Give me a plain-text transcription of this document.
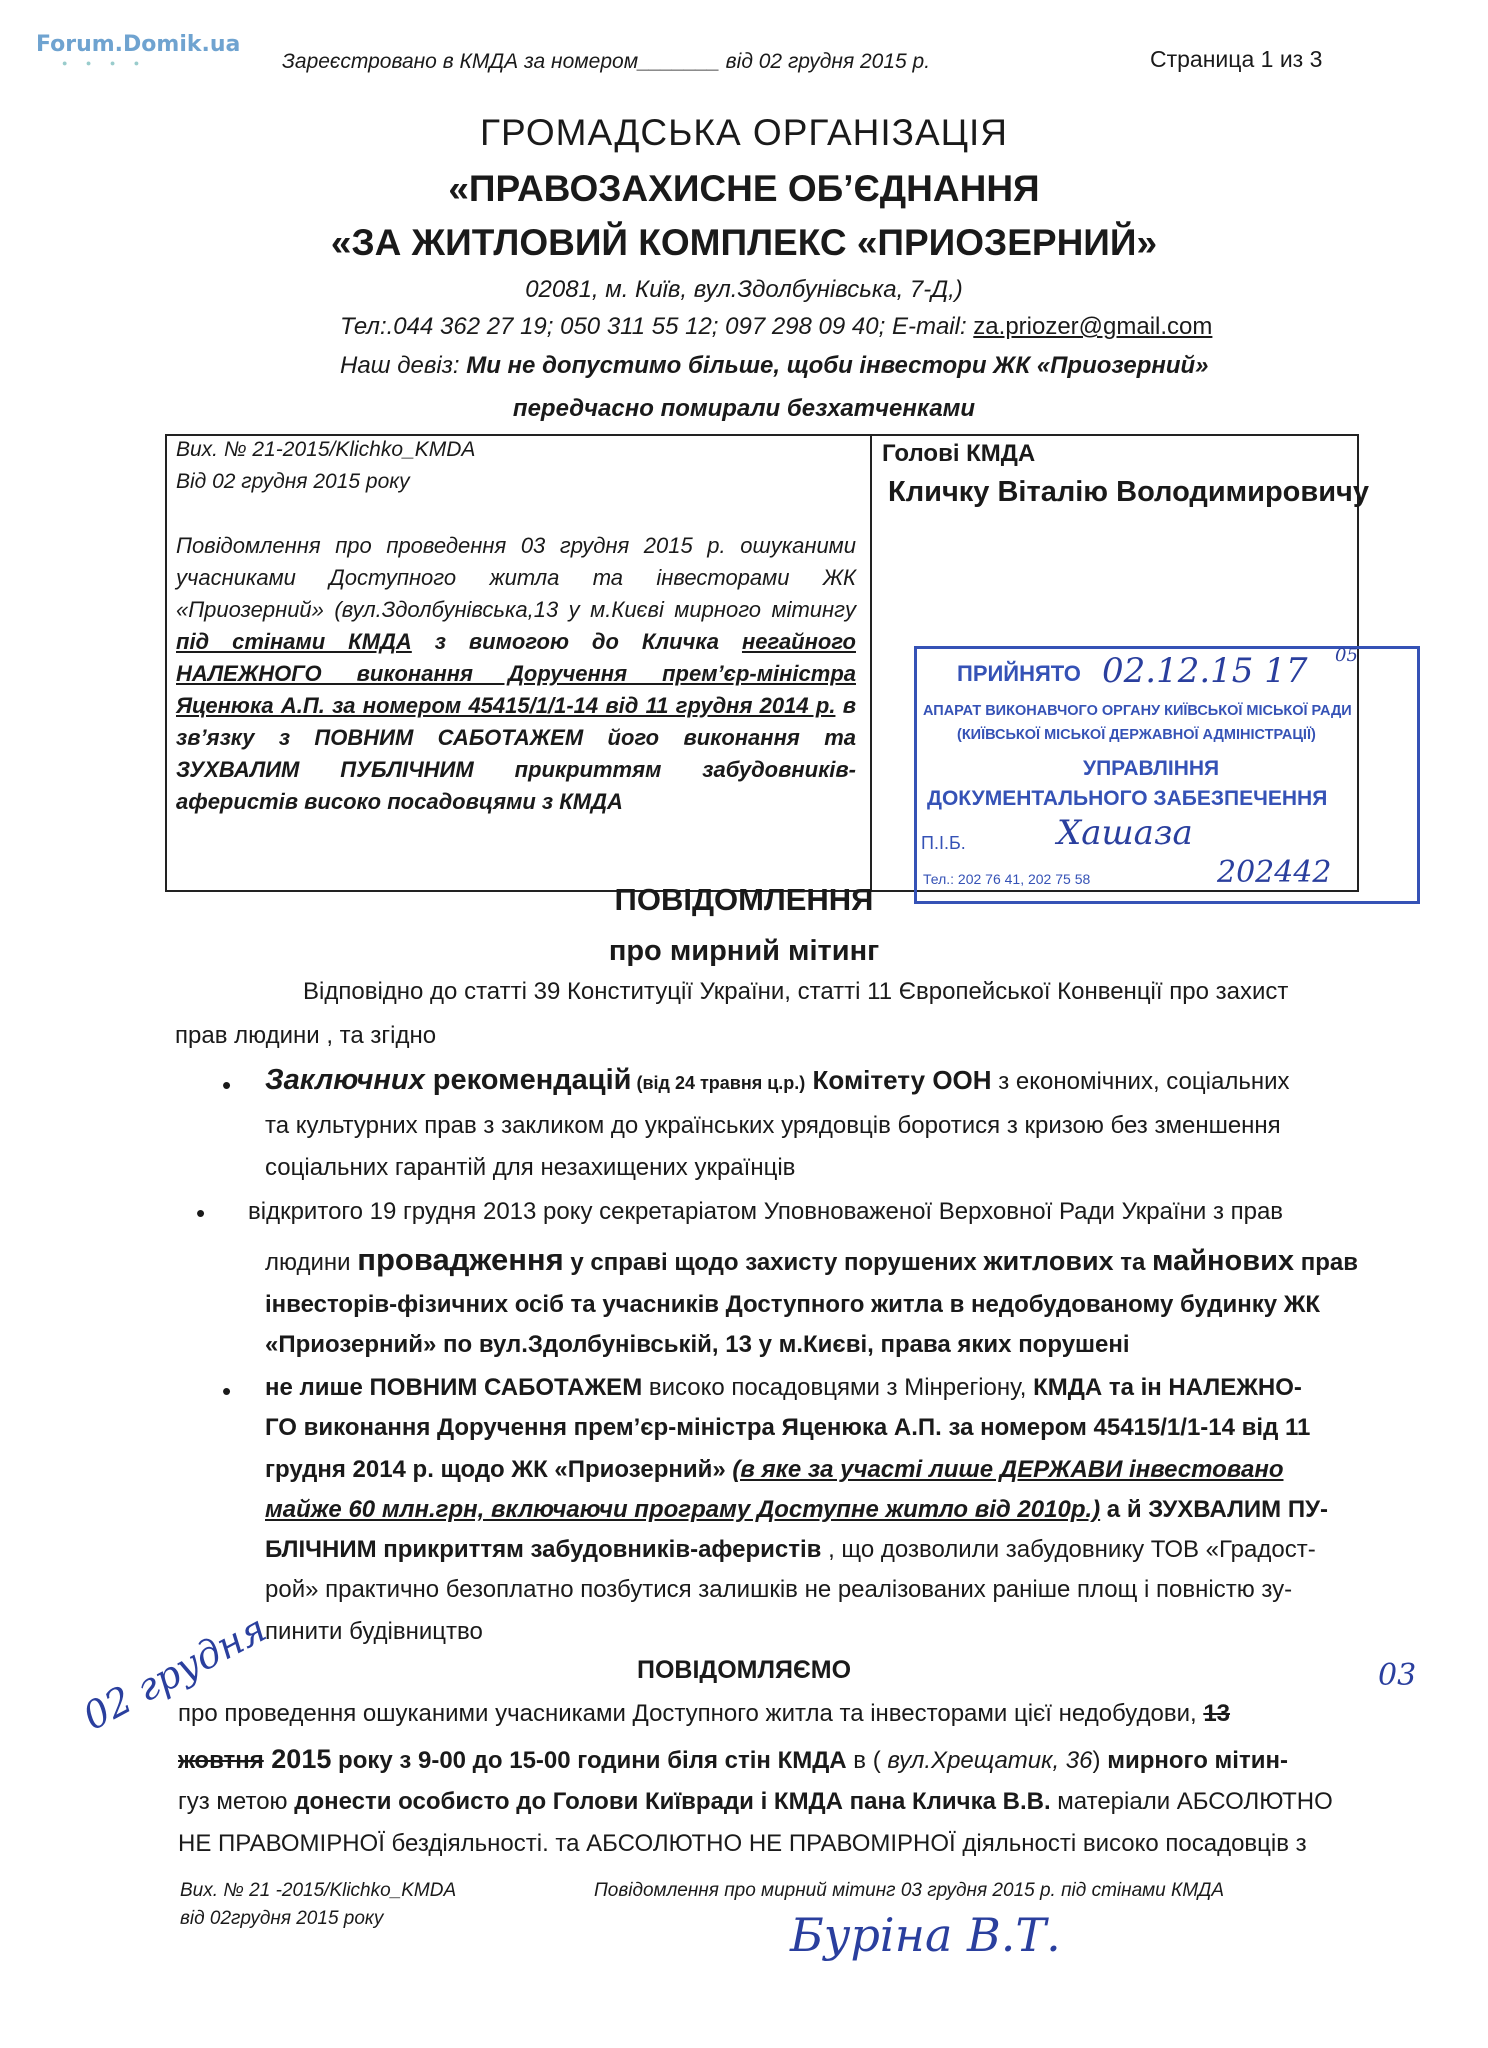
Forum.Domik.ua
● ● ● ●	Зареєстровано в КМДА за номером_______ від 02 грудня 2015 р.	Страница 1 из 3
ГРОМАДСЬКА ОРГАНІЗАЦІЯ
«ПРАВОЗАХИСНЕ ОБ’ЄДНАННЯ
«ЗА ЖИТЛОВИЙ КОМПЛЕКС «ПРИОЗЕРНИЙ»
02081, м. Київ, вул.Здолбунівська, 7-Д,)
Тел:.044 362 27 19; 050 311 55 12; 097 298 09 40; E-mail: za.priozer@gmail.com
Наш девіз: Ми не допустимо більше, щоби інвестори ЖК «Приозерний»
передчасно помирали безхатченками
Вих. № 21-2015/Klichko_KMDA
Від 02 грудня 2015 року
Повідомлення про проведення 03 грудня 2015 р. ошуканими учасниками Доступного житла та інвесторами ЖК «Приозерний» (вул.Здолбунівська,13 у м.Києві мирного мітингу під стінами КМДА з вимогою до Кличка негайного НАЛЕЖНОГО виконання Доручення прем’єр-міністра Яценюка А.П. за номером 45415/1/1-14 від 11 грудня 2014 р. в зв’язку з ПОВНИМ САБОТАЖЕМ його виконання та ЗУХВАЛИМ ПУБЛІЧНИМ прикриттям забудовників-аферистів високо посадовцями з КМДА
Голові КМДА
Кличку Віталію Володимировичу
ПРИЙНЯТО 02.12.15 17 05
АПАРАТ ВИКОНАВЧОГО ОРГАНУ КИЇВСЬКОЇ МІСЬКОЇ РАДИ
(КИЇВСЬКОЇ МІСЬКОЇ ДЕРЖАВНОЇ АДМІНІСТРАЦІЇ)
УПРАВЛІННЯ
ДОКУМЕНТАЛЬНОГО ЗАБЕЗПЕЧЕННЯ
П.І.Б.	Хашаза
Тел.: 202 76 41, 202 75 58	202442
ПОВІДОМЛЕННЯ
про мирний мітинг
Відповідно до статті 39 Конституції України, статті 11 Європейської Конвенції про захист
прав людини , та згідно
• Заключних рекомендацій (від 24 травня ц.р.) Комітету ООН з економічних, соціальних
та культурних прав з закликом до українських урядовців боротися з кризою без зменшення
соціальних гарантій для незахищених українців
• відкритого 19 грудня 2013 року секретаріатом Уповноваженої Верховної Ради України з прав
людини провадження у справі щодо захисту порушених житлових та майнових прав
інвесторів-фізичних осіб та учасників Доступного житла в недобудованому будинку ЖК
«Приозерний» по вул.Здолбунівській, 13 у м.Києві, права яких порушені
• не лише ПОВНИМ САБОТАЖЕМ високо посадовцями з Мінрегіону, КМДА та ін НАЛЕЖНО-
ГО виконання Доручення прем’єр-міністра Яценюка А.П. за номером 45415/1/1-14 від 11
грудня 2014 р. щодо ЖК «Приозерний» (в яке за участі лише ДЕРЖАВИ інвестовано
майже 60 млн.грн, включаючи програму Доступне житло від 2010р.) а й ЗУХВАЛИМ ПУ-
БЛІЧНИМ прикриттям забудовників-аферистів , що дозволили забудовнику ТОВ «Градост-
рой» практично безоплатно позбутися залишків не реалізованих раніше площ і повністю зу-
пинити будівництво
ПОВІДОМЛЯЄМО	03
про проведення ошуканими учасниками Доступного житла та інвесторами цієї недобудови, 13
жовтня 2015 року з 9-00 до 15-00 години біля стін КМДА в ( вул.Хрещатик, 36) мирного мітин-
гуз метою донести особисто до Голови Київради і КМДА пана Кличка В.В. матеріали АБСОЛЮТНО
НЕ ПРАВОМІРНОЇ бездіяльності. та АБСОЛЮТНО НЕ ПРАВОМІРНОЇ діяльності високо посадовців з
02 грудня
Вих. № 21 -2015/Klichko_KMDA
від 02грудня 2015 року
Повідомлення про мирний мітинг 03 грудня 2015 р. під стінами КМДА
Буріна В.Т.
